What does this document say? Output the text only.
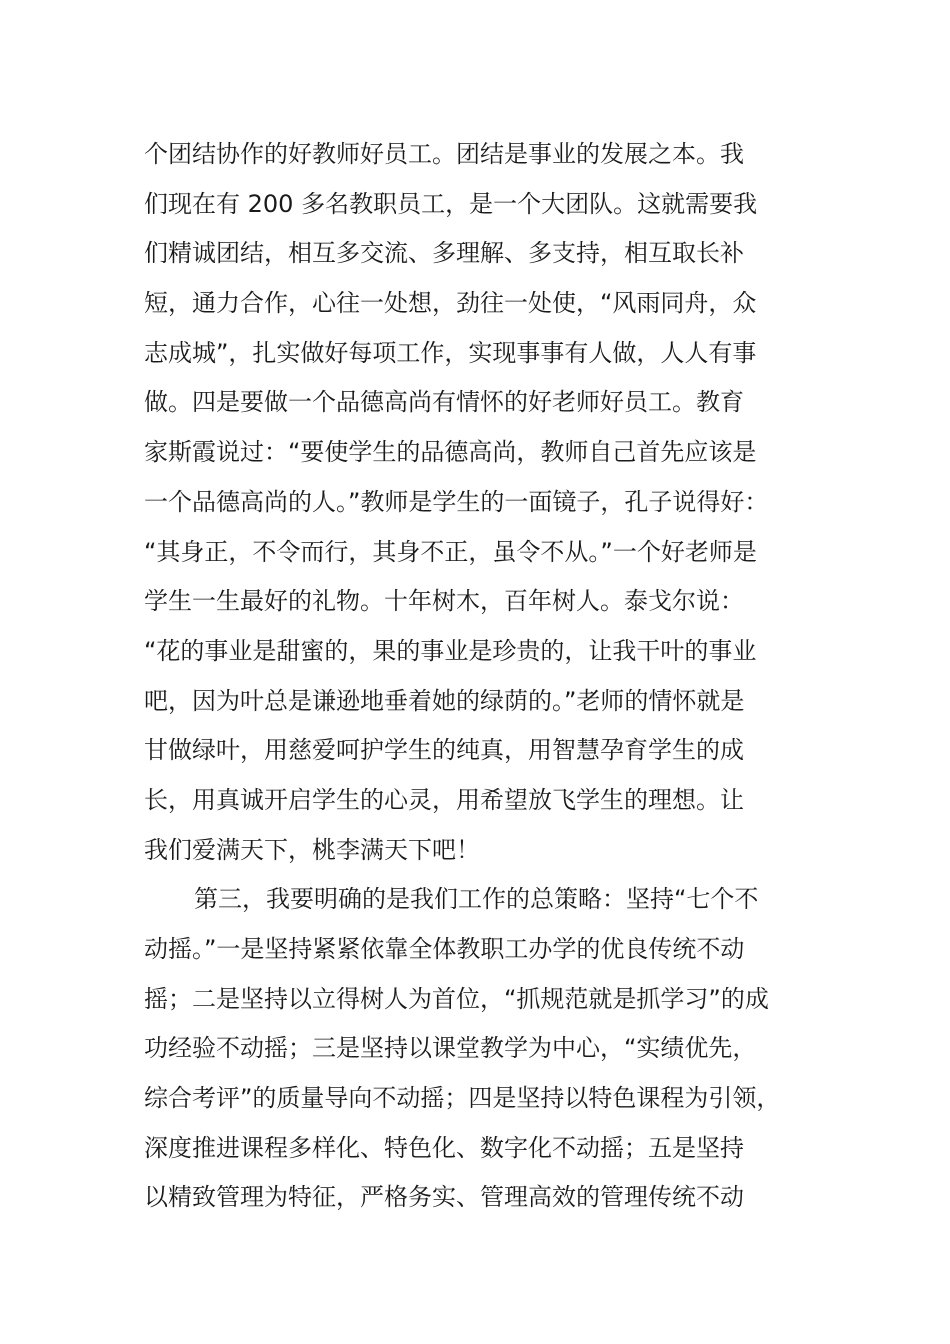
个团结协作的好教师好员工。团结是事业的发展之本。我
们现在有 200 多名教职员工，是一个大团队。这就需要我
们精诚团结，相互多交流、多理解、多支持，相互取长补
短，通力合作，心往一处想，劲往一处使，“风雨同舟，众
志成城”，扎实做好每项工作，实现事事有人做，人人有事
做。四是要做一个品德高尚有情怀的好老师好员工。教育
家斯霞说过：“要使学生的品德高尚，教师自己首先应该是
一个品德高尚的人。”教师是学生的一面镜子，孔子说得好：
“其身正，不令而行，其身不正，虽令不从。”一个好老师是
学生一生最好的礼物。十年树木，百年树人。泰戈尔说：
“花的事业是甜蜜的，果的事业是珍贵的，让我干叶的事业
吧，因为叶总是谦逊地垂着她的绿荫的。”老师的情怀就是
甘做绿叶，用慈爱呵护学生的纯真，用智慧孕育学生的成
长，用真诚开启学生的心灵，用希望放飞学生的理想。让
我们爱满天下，桃李满天下吧！
第三，我要明确的是我们工作的总策略：坚持“七个不
动摇。”一是坚持紧紧依靠全体教职工办学的优良传统不动
摇；二是坚持以立得树人为首位，“抓规范就是抓学习”的成
功经验不动摇；三是坚持以课堂教学为中心，“实绩优先，
综合考评”的质量导向不动摇；四是坚持以特色课程为引领，
深度推进课程多样化、特色化、数字化不动摇；五是坚持
以精致管理为特征，严格务实、管理高效的管理传统不动
